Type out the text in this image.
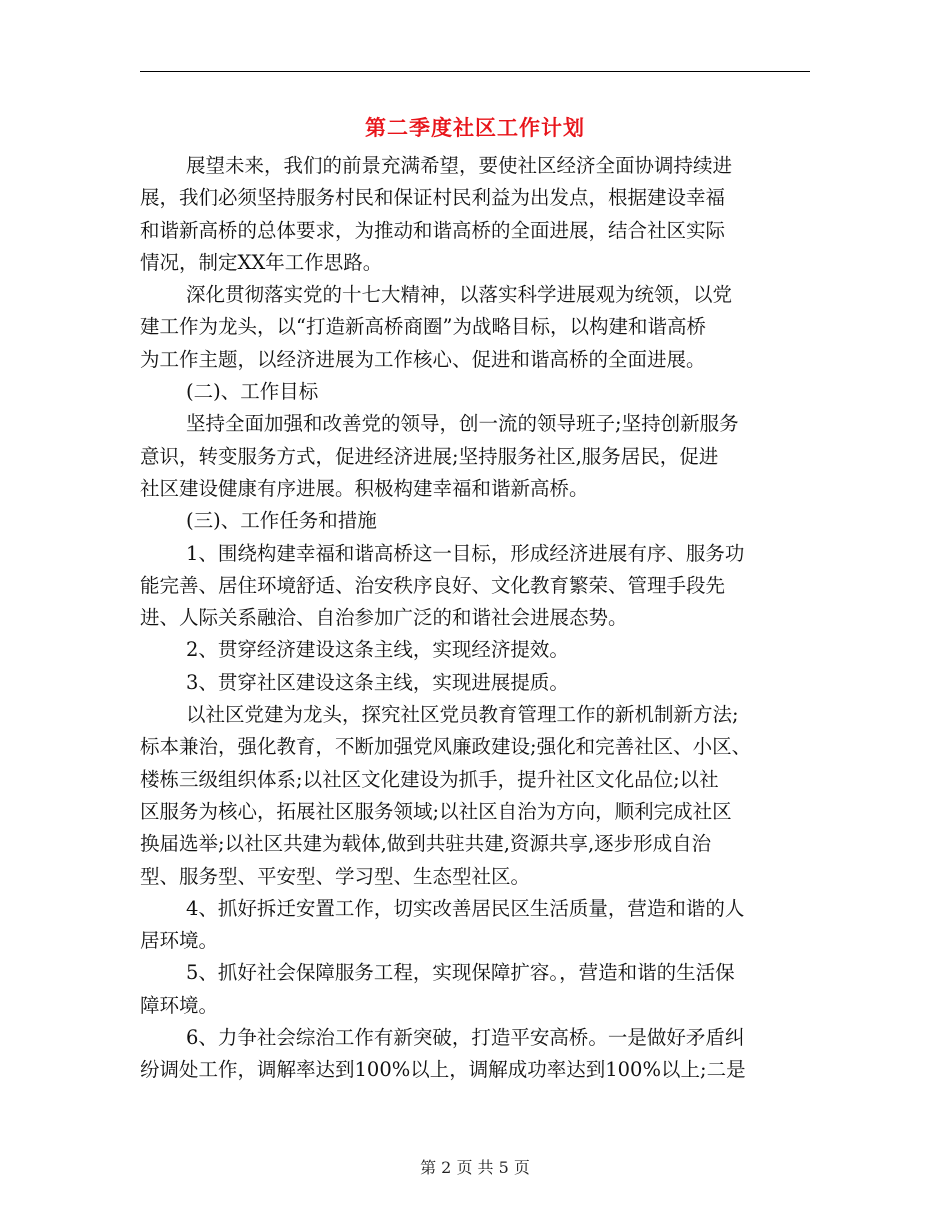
第二季度社区工作计划
展望未来，我们的前景充满希望，要使社区经济全面协调持续进
展，我们必须坚持服务村民和保证村民利益为出发点，根据建设幸福
和谐新高桥的总体要求，为推动和谐高桥的全面进展，结合社区实际
情况，制定XX年工作思路。
深化贯彻落实党的十七大精神，以落实科学进展观为统领，以党
建工作为龙头，以“打造新高桥商圈”为战略目标，以构建和谐高桥
为工作主题，以经济进展为工作核心、促进和谐高桥的全面进展。
(二)、工作目标
坚持全面加强和改善党的领导，创一流的领导班子;坚持创新服务
意识，转变服务方式，促进经济进展;坚持服务社区,服务居民，促进
社区建设健康有序进展。积极构建幸福和谐新高桥。
(三)、工作任务和措施
1、围绕构建幸福和谐高桥这一目标，形成经济进展有序、服务功
能完善、居住环境舒适、治安秩序良好、文化教育繁荣、管理手段先
进、人际关系融洽、自治参加广泛的和谐社会进展态势。
2、贯穿经济建设这条主线，实现经济提效。
3、贯穿社区建设这条主线，实现进展提质。
以社区党建为龙头，探究社区党员教育管理工作的新机制新方法;
标本兼治，强化教育，不断加强党风廉政建设;强化和完善社区、小区、
楼栋三级组织体系;以社区文化建设为抓手，提升社区文化品位;以社
区服务为核心，拓展社区服务领域;以社区自治为方向，顺利完成社区
换届选举;以社区共建为载体,做到共驻共建,资源共享,逐步形成自治
型、服务型、平安型、学习型、生态型社区。
4、抓好拆迁安置工作，切实改善居民区生活质量，营造和谐的人
居环境。
5、抓好社会保障服务工程，实现保障扩容。，营造和谐的生活保
障环境。
6、力争社会综治工作有新突破，打造平安高桥。一是做好矛盾纠
纷调处工作，调解率达到100%以上，调解成功率达到100%以上;二是
第 2 页 共 5 页
